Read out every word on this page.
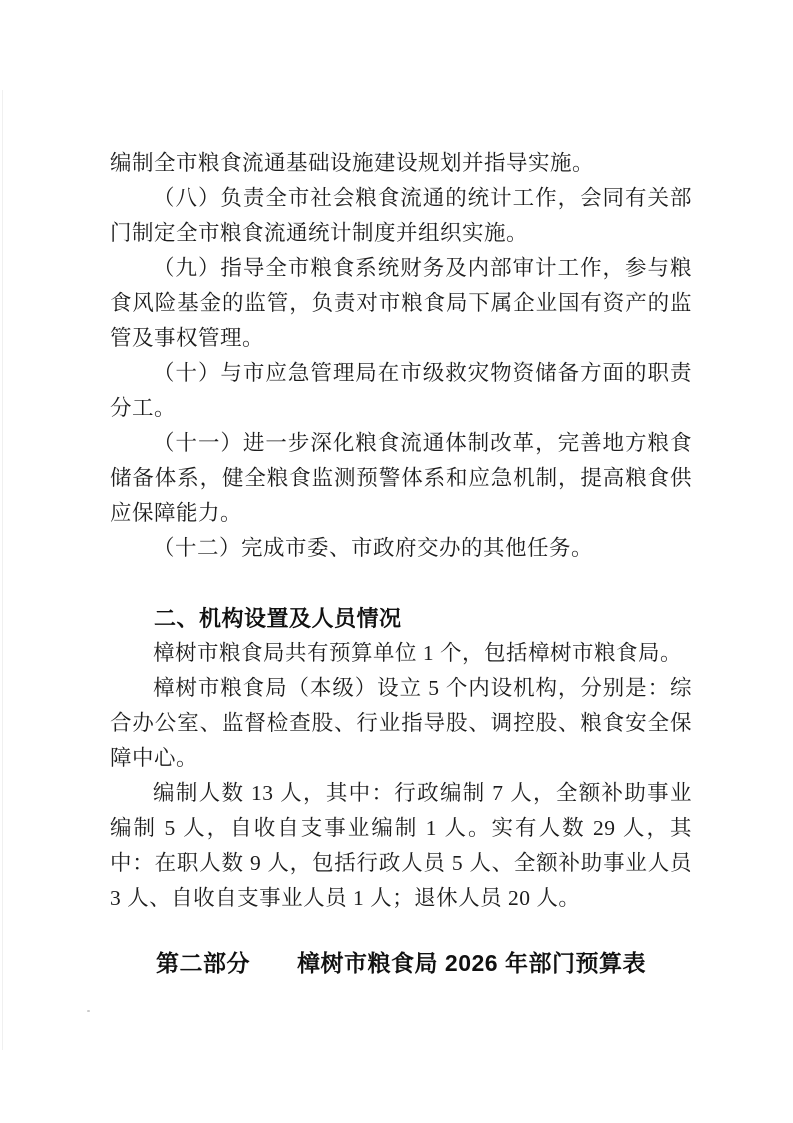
编制全市粮食流通基础设施建设规划并指导实施。

（八）负责全市社会粮食流通的统计工作，会同有关部门制定全市粮食流通统计制度并组织实施。

（九）指导全市粮食系统财务及内部审计工作，参与粮食风险基金的监管，负责对市粮食局下属企业国有资产的监管及事权管理。

（十）与市应急管理局在市级救灾物资储备方面的职责分工。

（十一）进一步深化粮食流通体制改革，完善地方粮食储备体系，健全粮食监测预警体系和应急机制，提高粮食供应保障能力。

（十二）完成市委、市政府交办的其他任务。

二、机构设置及人员情况

樟树市粮食局共有预算单位 1 个，包括樟树市粮食局。

樟树市粮食局（本级）设立 5 个内设机构，分别是：综合办公室、监督检查股、行业指导股、调控股、粮食安全保障中心。

编制人数 13 人，其中：行政编制 7 人，全额补助事业编制 5 人，自收自支事业编制 1 人。实有人数 29 人，其中：在职人数 9 人，包括行政人员 5 人、全额补助事业人员 3 人、自收自支事业人员 1 人；退休人员 20 人。

第二部分　　樟树市粮食局 2026 年部门预算表
